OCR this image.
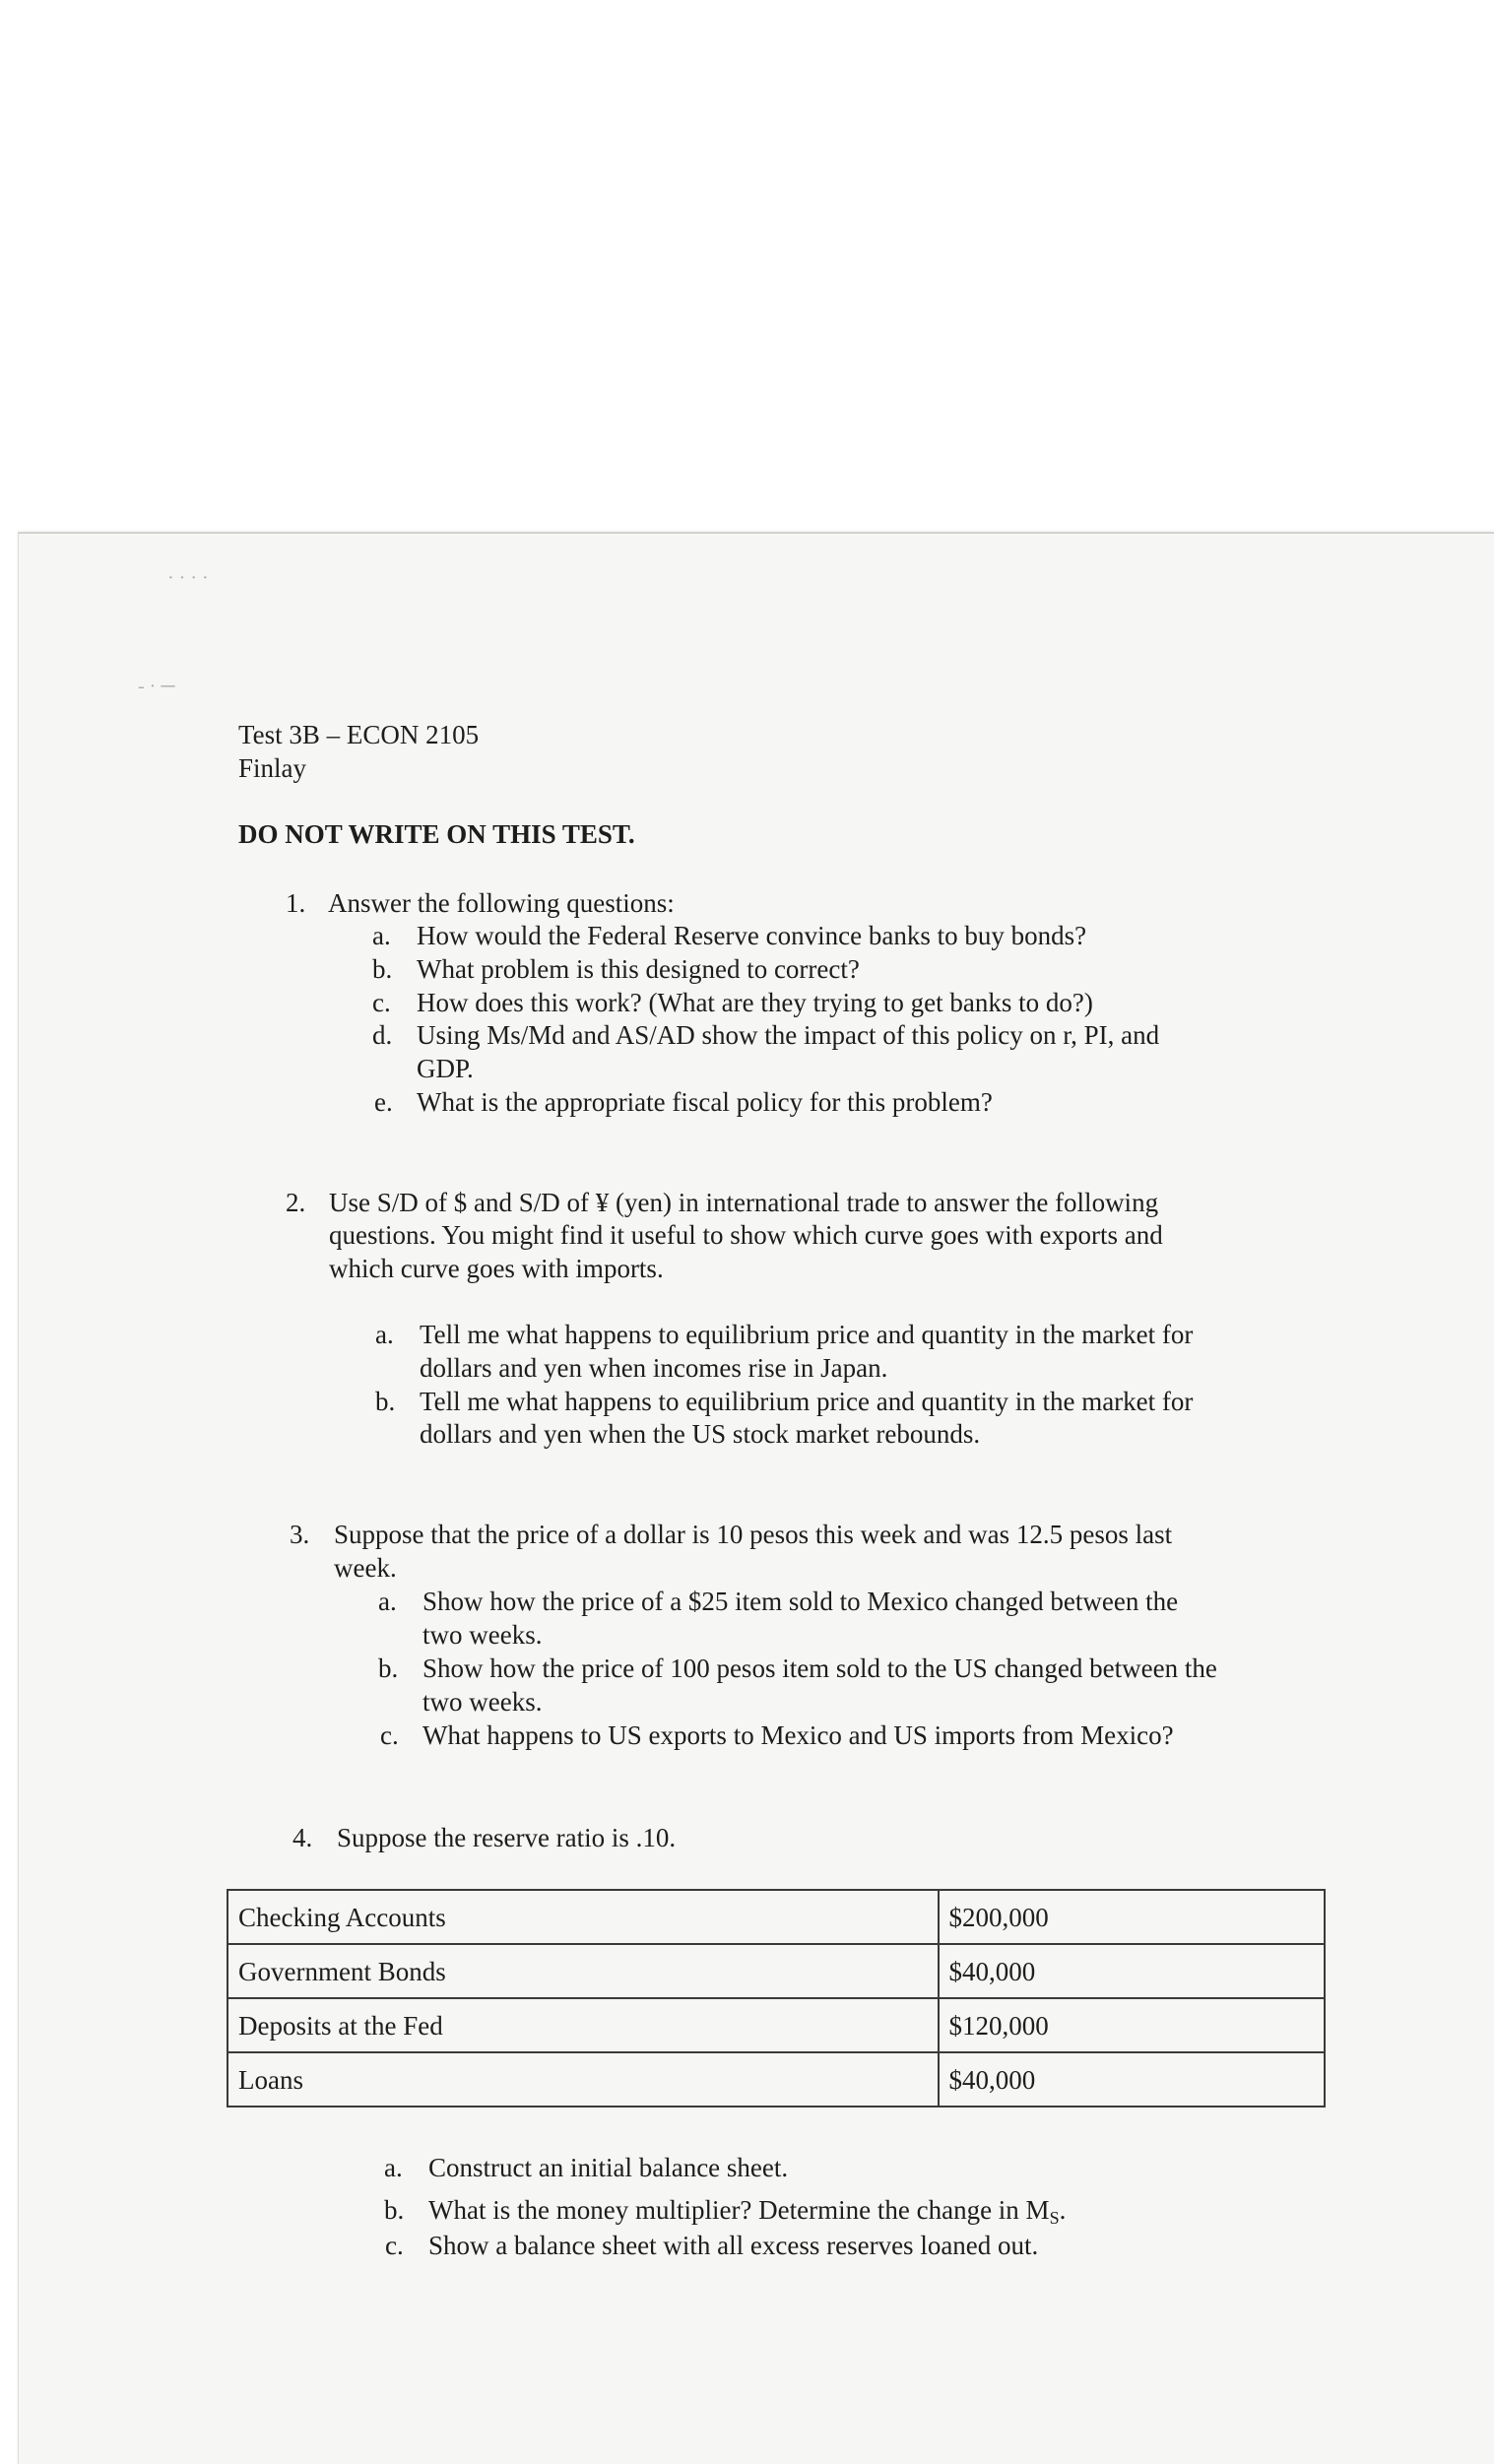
· · · ·
- · ─
Test 3B – ECON 2105
Finlay
DO NOT WRITE ON THIS TEST.
1. Answer the following questions:
a. How would the Federal Reserve convince banks to buy bonds?
b. What problem is this designed to correct?
c. How does this work? (What are they trying to get banks to do?)
d. Using Ms/Md and AS/AD show the impact of this policy on r, PI, and
GDP.
e. What is the appropriate fiscal policy for this problem?
2. Use S/D of $ and S/D of ¥ (yen) in international trade to answer the following
questions. You might find it useful to show which curve goes with exports and
which curve goes with imports.
a. Tell me what happens to equilibrium price and quantity in the market for
dollars and yen when incomes rise in Japan.
b. Tell me what happens to equilibrium price and quantity in the market for
dollars and yen when the US stock market rebounds.
3. Suppose that the price of a dollar is 10 pesos this week and was 12.5 pesos last
week.
a. Show how the price of a $25 item sold to Mexico changed between the
two weeks.
b. Show how the price of 100 pesos item sold to the US changed between the
two weeks.
c. What happens to US exports to Mexico and US imports from Mexico?
4. Suppose the reserve ratio is .10.
Checking Accounts	$200,000
Government Bonds	$40,000
Deposits at the Fed	$120,000
Loans	$40,000
a. Construct an initial balance sheet.
b. What is the money multiplier? Determine the change in $M_S$.
c. Show a balance sheet with all excess reserves loaned out.
